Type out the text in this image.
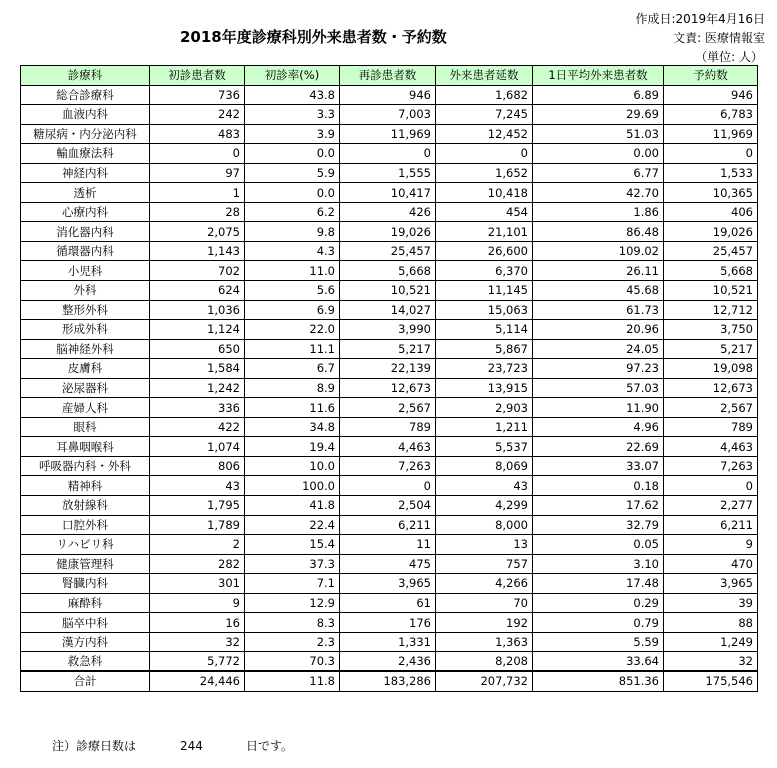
作成日:2019年4月16日
2018年度診療科別外来患者数・予約数	文責: 医療情報室
（単位: 人）
診療科	初診患者数	初診率(%)	再診患者数	外来患者延数	1日平均外来患者数	予約数
総合診療科	736	43.8	946	1,682	6.89	946
血液内科	242	3.3	7,003	7,245	29.69	6,783
糖尿病・内分泌内科	483	3.9	11,969	12,452	51.03	11,969
輸血療法科	0	0.0	0	0	0.00	0
神経内科	97	5.9	1,555	1,652	6.77	1,533
透析	1	0.0	10,417	10,418	42.70	10,365
心療内科	28	6.2	426	454	1.86	406
消化器内科	2,075	9.8	19,026	21,101	86.48	19,026
循環器内科	1,143	4.3	25,457	26,600	109.02	25,457
小児科	702	11.0	5,668	6,370	26.11	5,668
外科	624	5.6	10,521	11,145	45.68	10,521
整形外科	1,036	6.9	14,027	15,063	61.73	12,712
形成外科	1,124	22.0	3,990	5,114	20.96	3,750
脳神経外科	650	11.1	5,217	5,867	24.05	5,217
皮膚科	1,584	6.7	22,139	23,723	97.23	19,098
泌尿器科	1,242	8.9	12,673	13,915	57.03	12,673
産婦人科	336	11.6	2,567	2,903	11.90	2,567
眼科	422	34.8	789	1,211	4.96	789
耳鼻咽喉科	1,074	19.4	4,463	5,537	22.69	4,463
呼吸器内科・外科	806	10.0	7,263	8,069	33.07	7,263
精神科	43	100.0	0	43	0.18	0
放射線科	1,795	41.8	2,504	4,299	17.62	2,277
口腔外科	1,789	22.4	6,211	8,000	32.79	6,211
リハビリ科	2	15.4	11	13	0.05	9
健康管理科	282	37.3	475	757	3.10	470
腎臓内科	301	7.1	3,965	4,266	17.48	3,965
麻酔科	9	12.9	61	70	0.29	39
脳卒中科	16	8.3	176	192	0.79	88
漢方内科	32	2.3	1,331	1,363	5.59	1,249
救急科	5,772	70.3	2,436	8,208	33.64	32
合計	24,446	11.8	183,286	207,732	851.36	175,546
注）診療日数は	244	日です。
